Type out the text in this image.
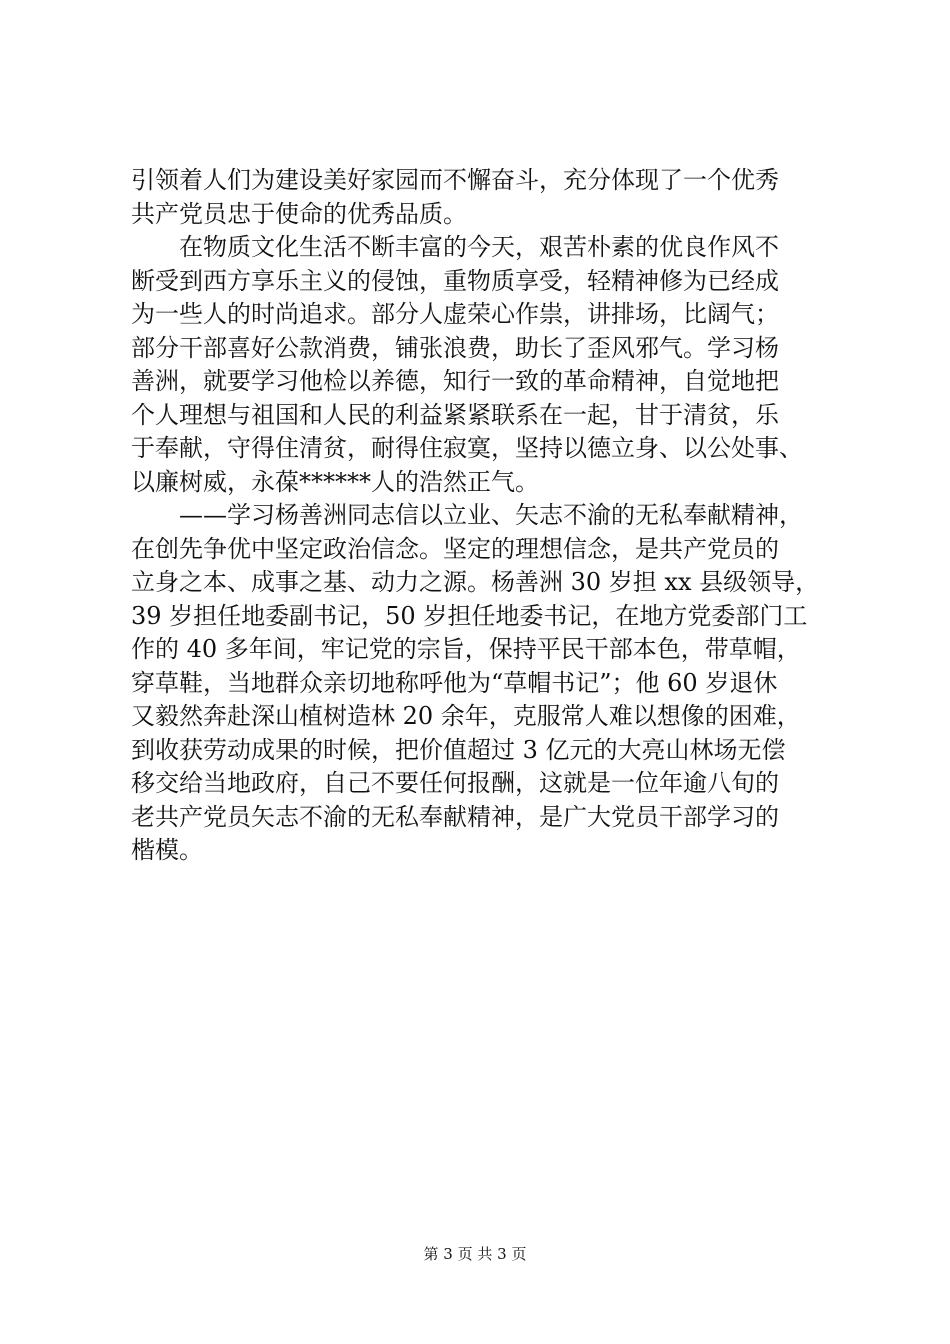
引领着人们为建设美好家园而不懈奋斗，充分体现了一个优秀
共产党员忠于使命的优秀品质。
在物质文化生活不断丰富的今天，艰苦朴素的优良作风不
断受到西方享乐主义的侵蚀，重物质享受，轻精神修为已经成
为一些人的时尚追求。部分人虚荣心作祟，讲排场，比阔气；
部分干部喜好公款消费，铺张浪费，助长了歪风邪气。学习杨
善洲，就要学习他检以养德，知行一致的革命精神，自觉地把
个人理想与祖国和人民的利益紧紧联系在一起，甘于清贫，乐
于奉献，守得住清贫，耐得住寂寞，坚持以德立身、以公处事、
以廉树威，永葆******人的浩然正气。
——学习杨善洲同志信以立业、矢志不渝的无私奉献精神，
在创先争优中坚定政治信念。坚定的理想信念，是共产党员的
立身之本、成事之基、动力之源。杨善洲 30 岁担 xx 县级领导，
39 岁担任地委副书记，50 岁担任地委书记，在地方党委部门工
作的 40 多年间，牢记党的宗旨，保持平民干部本色，带草帽，
穿草鞋，当地群众亲切地称呼他为“草帽书记”；他 60 岁退休
又毅然奔赴深山植树造林 20 余年，克服常人难以想像的困难，
到收获劳动成果的时候，把价值超过 3 亿元的大亮山林场无偿
移交给当地政府，自己不要任何报酬，这就是一位年逾八旬的
老共产党员矢志不渝的无私奉献精神，是广大党员干部学习的
楷模。
第 3 页 共 3 页
